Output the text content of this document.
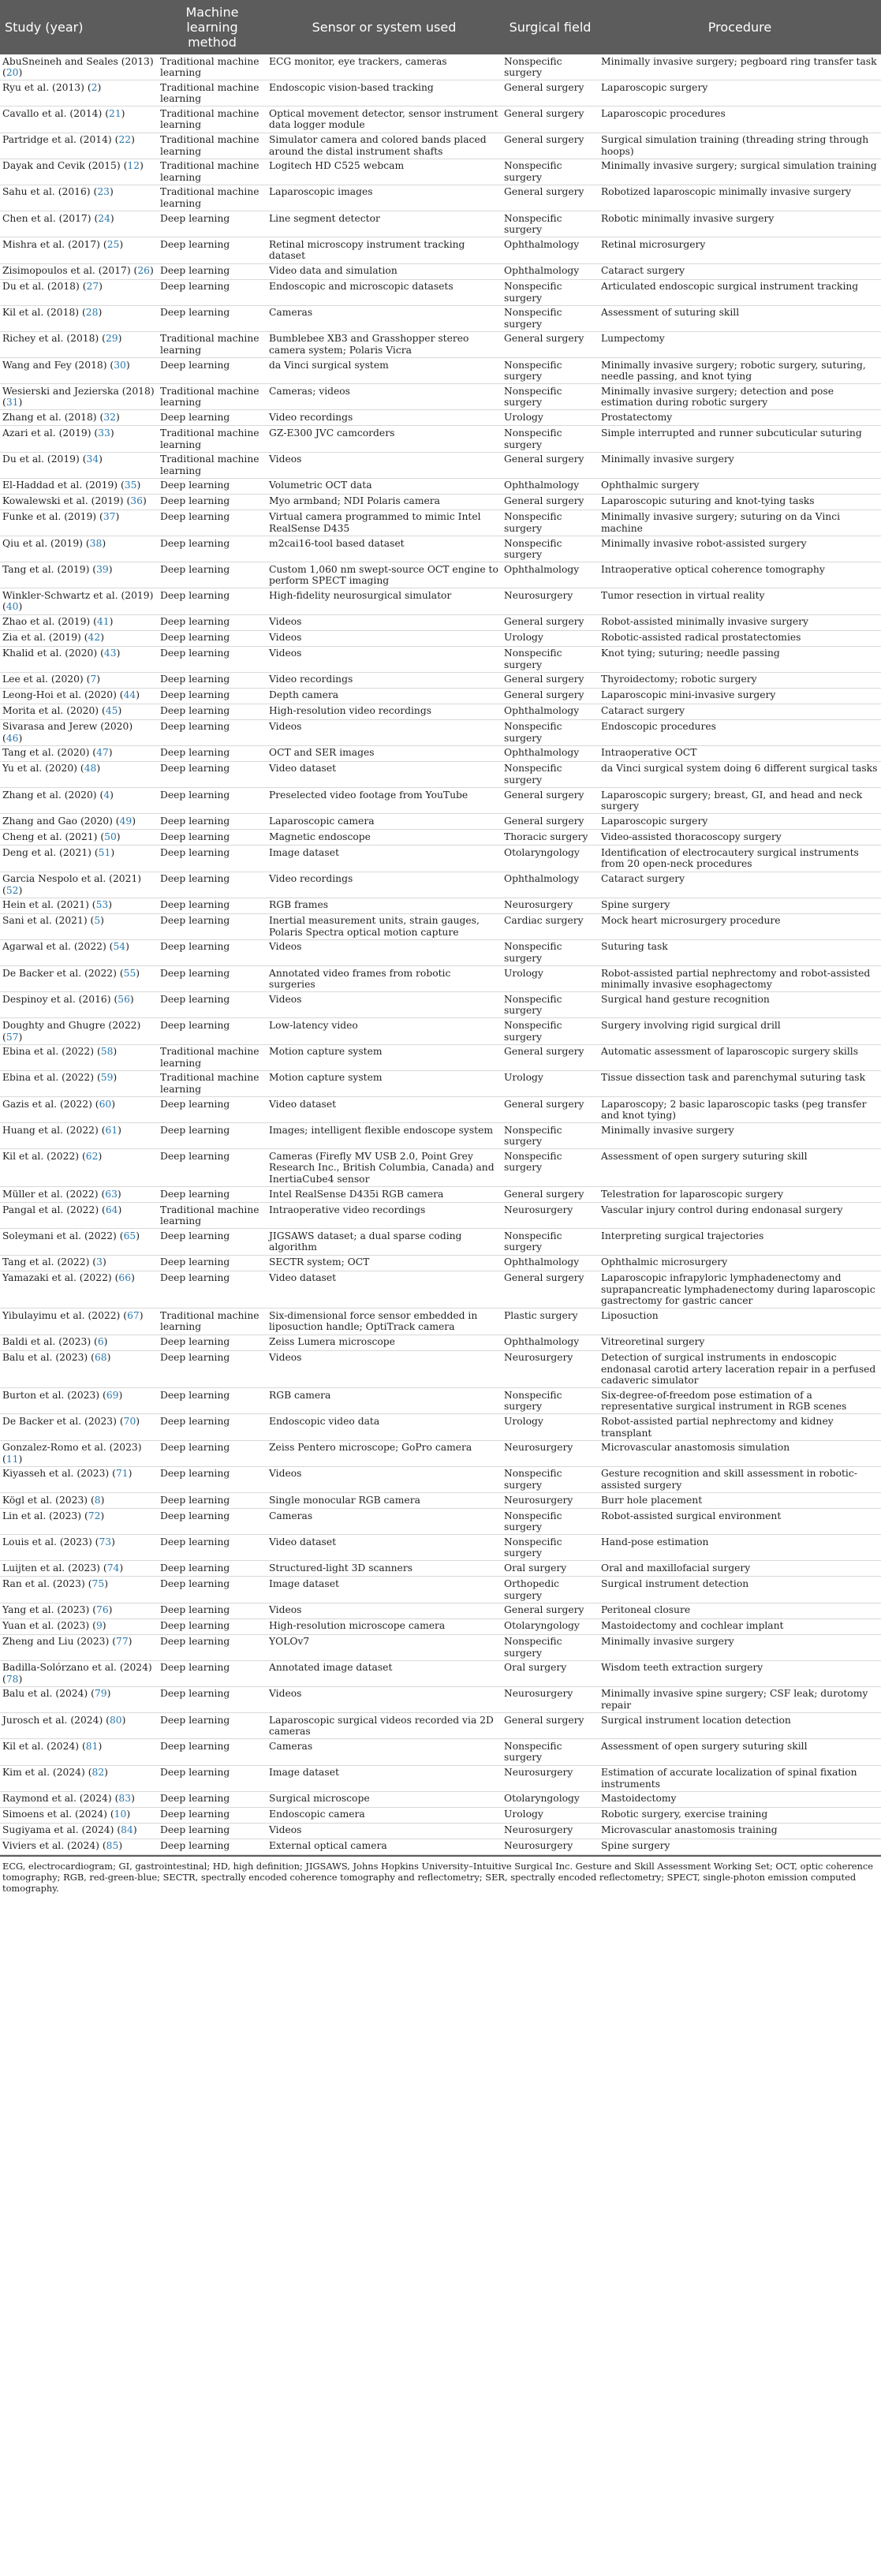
Study (year)	Machine learning method	Sensor or system used	Surgical field	Procedure
AbuSneineh and Seales (2013) (20)	Traditional machine learning	ECG monitor, eye trackers, cameras	Nonspecific surgery	Minimally invasive surgery; pegboard ring transfer task
Ryu et al. (2013) (2)	Traditional machine learning	Endoscopic vision-based tracking	General surgery	Laparoscopic surgery
Cavallo et al. (2014) (21)	Traditional machine learning	Optical movement detector, sensor instrument data logger module	General surgery	Laparoscopic procedures
Partridge et al. (2014) (22)	Traditional machine learning	Simulator camera and colored bands placed around the distal instrument shafts	General surgery	Surgical simulation training (threading string through hoops)
Dayak and Cevik (2015) (12)	Traditional machine learning	Logitech HD C525 webcam	Nonspecific surgery	Minimally invasive surgery; surgical simulation training
Sahu et al. (2016) (23)	Traditional machine learning	Laparoscopic images	General surgery	Robotized laparoscopic minimally invasive surgery
Chen et al. (2017) (24)	Deep learning	Line segment detector	Nonspecific surgery	Robotic minimally invasive surgery
Mishra et al. (2017) (25)	Deep learning	Retinal microscopy instrument tracking dataset	Ophthalmology	Retinal microsurgery
Zisimopoulos et al. (2017) (26)	Deep learning	Video data and simulation	Ophthalmology	Cataract surgery
Du et al. (2018) (27)	Deep learning	Endoscopic and microscopic datasets	Nonspecific surgery	Articulated endoscopic surgical instrument tracking
Kil et al. (2018) (28)	Deep learning	Cameras	Nonspecific surgery	Assessment of suturing skill
Richey et al. (2018) (29)	Traditional machine learning	Bumblebee XB3 and Grasshopper stereo camera system; Polaris Vicra	General surgery	Lumpectomy
Wang and Fey (2018) (30)	Deep learning	da Vinci surgical system	Nonspecific surgery	Minimally invasive surgery; robotic surgery, suturing, needle passing, and knot tying
Wesierski and Jezierska (2018) (31)	Traditional machine learning	Cameras; videos	Nonspecific surgery	Minimally invasive surgery; detection and pose estimation during robotic surgery
Zhang et al. (2018) (32)	Deep learning	Video recordings	Urology	Prostatectomy
Azari et al. (2019) (33)	Traditional machine learning	GZ-E300 JVC camcorders	Nonspecific surgery	Simple interrupted and runner subcuticular suturing
Du et al. (2019) (34)	Traditional machine learning	Videos	General surgery	Minimally invasive surgery
El-Haddad et al. (2019) (35)	Deep learning	Volumetric OCT data	Ophthalmology	Ophthalmic surgery
Kowalewski et al. (2019) (36)	Deep learning	Myo armband; NDI Polaris camera	General surgery	Laparoscopic suturing and knot-tying tasks
Funke et al. (2019) (37)	Deep learning	Virtual camera programmed to mimic Intel RealSense D435	Nonspecific surgery	Minimally invasive surgery; suturing on da Vinci machine
Qiu et al. (2019) (38)	Deep learning	m2cai16-tool based dataset	Nonspecific surgery	Minimally invasive robot-assisted surgery
Tang et al. (2019) (39)	Deep learning	Custom 1,060 nm swept-source OCT engine to perform SPECT imaging	Ophthalmology	Intraoperative optical coherence tomography
Winkler-Schwartz et al. (2019) (40)	Deep learning	High-fidelity neurosurgical simulator	Neurosurgery	Tumor resection in virtual reality
Zhao et al. (2019) (41)	Deep learning	Videos	General surgery	Robot-assisted minimally invasive surgery
Zia et al. (2019) (42)	Deep learning	Videos	Urology	Robotic-assisted radical prostatectomies
Khalid et al. (2020) (43)	Deep learning	Videos	Nonspecific surgery	Knot tying; suturing; needle passing
Lee et al. (2020) (7)	Deep learning	Video recordings	General surgery	Thyroidectomy; robotic surgery
Leong-Hoi et al. (2020) (44)	Deep learning	Depth camera	General surgery	Laparoscopic mini-invasive surgery
Morita et al. (2020) (45)	Deep learning	High-resolution video recordings	Ophthalmology	Cataract surgery
Sivarasa and Jerew (2020) (46)	Deep learning	Videos	Nonspecific surgery	Endoscopic procedures
Tang et al. (2020) (47)	Deep learning	OCT and SER images	Ophthalmology	Intraoperative OCT
Yu et al. (2020) (48)	Deep learning	Video dataset	Nonspecific surgery	da Vinci surgical system doing 6 different surgical tasks
Zhang et al. (2020) (4)	Deep learning	Preselected video footage from YouTube	General surgery	Laparoscopic surgery; breast, GI, and head and neck surgery
Zhang and Gao (2020) (49)	Deep learning	Laparoscopic camera	General surgery	Laparoscopic surgery
Cheng et al. (2021) (50)	Deep learning	Magnetic endoscope	Thoracic surgery	Video-assisted thoracoscopy surgery
Deng et al. (2021) (51)	Deep learning	Image dataset	Otolaryngology	Identification of electrocautery surgical instruments from 20 open-neck procedures
Garcia Nespolo et al. (2021) (52)	Deep learning	Video recordings	Ophthalmology	Cataract surgery
Hein et al. (2021) (53)	Deep learning	RGB frames	Neurosurgery	Spine surgery
Sani et al. (2021) (5)	Deep learning	Inertial measurement units, strain gauges, Polaris Spectra optical motion capture	Cardiac surgery	Mock heart microsurgery procedure
Agarwal et al. (2022) (54)	Deep learning	Videos	Nonspecific surgery	Suturing task
De Backer et al. (2022) (55)	Deep learning	Annotated video frames from robotic surgeries	Urology	Robot-assisted partial nephrectomy and robot-assisted minimally invasive esophagectomy
Despinoy et al. (2016) (56)	Deep learning	Videos	Nonspecific surgery	Surgical hand gesture recognition
Doughty and Ghugre (2022) (57)	Deep learning	Low-latency video	Nonspecific surgery	Surgery involving rigid surgical drill
Ebina et al. (2022) (58)	Traditional machine learning	Motion capture system	General surgery	Automatic assessment of laparoscopic surgery skills
Ebina et al. (2022) (59)	Traditional machine learning	Motion capture system	Urology	Tissue dissection task and parenchymal suturing task
Gazis et al. (2022) (60)	Deep learning	Video dataset	General surgery	Laparoscopy; 2 basic laparoscopic tasks (peg transfer and knot tying)
Huang et al. (2022) (61)	Deep learning	Images; intelligent flexible endoscope system	Nonspecific surgery	Minimally invasive surgery
Kil et al. (2022) (62)	Deep learning	Cameras (Firefly MV USB 2.0, Point Grey Research Inc., British Columbia, Canada) and InertiaCube4 sensor	Nonspecific surgery	Assessment of open surgery suturing skill
Müller et al. (2022) (63)	Deep learning	Intel RealSense D435i RGB camera	General surgery	Telestration for laparoscopic surgery
Pangal et al. (2022) (64)	Traditional machine learning	Intraoperative video recordings	Neurosurgery	Vascular injury control during endonasal surgery
Soleymani et al. (2022) (65)	Deep learning	JIGSAWS dataset; a dual sparse coding algorithm	Nonspecific surgery	Interpreting surgical trajectories
Tang et al. (2022) (3)	Deep learning	SECTR system; OCT	Ophthalmology	Ophthalmic microsurgery
Yamazaki et al. (2022) (66)	Deep learning	Video dataset	General surgery	Laparoscopic infrapyloric lymphadenectomy and suprapancreatic lymphadenectomy during laparoscopic gastrectomy for gastric cancer
Yibulayimu et al. (2022) (67)	Traditional machine learning	Six-dimensional force sensor embedded in liposuction handle; OptiTrack camera	Plastic surgery	Liposuction
Baldi et al. (2023) (6)	Deep learning	Zeiss Lumera microscope	Ophthalmology	Vitreoretinal surgery
Balu et al. (2023) (68)	Deep learning	Videos	Neurosurgery	Detection of surgical instruments in endoscopic endonasal carotid artery laceration repair in a perfused cadaveric simulator
Burton et al. (2023) (69)	Deep learning	RGB camera	Nonspecific surgery	Six-degree-of-freedom pose estimation of a representative surgical instrument in RGB scenes
De Backer et al. (2023) (70)	Deep learning	Endoscopic video data	Urology	Robot-assisted partial nephrectomy and kidney transplant
Gonzalez-Romo et al. (2023) (11)	Deep learning	Zeiss Pentero microscope; GoPro camera	Neurosurgery	Microvascular anastomosis simulation
Kiyasseh et al. (2023) (71)	Deep learning	Videos	Nonspecific surgery	Gesture recognition and skill assessment in robotic-assisted surgery
Kögl et al. (2023) (8)	Deep learning	Single monocular RGB camera	Neurosurgery	Burr hole placement
Lin et al. (2023) (72)	Deep learning	Cameras	Nonspecific surgery	Robot-assisted surgical environment
Louis et al. (2023) (73)	Deep learning	Video dataset	Nonspecific surgery	Hand-pose estimation
Luijten et al. (2023) (74)	Deep learning	Structured-light 3D scanners	Oral surgery	Oral and maxillofacial surgery
Ran et al. (2023) (75)	Deep learning	Image dataset	Orthopedic surgery	Surgical instrument detection
Yang et al. (2023) (76)	Deep learning	Videos	General surgery	Peritoneal closure
Yuan et al. (2023) (9)	Deep learning	High-resolution microscope camera	Otolaryngology	Mastoidectomy and cochlear implant
Zheng and Liu (2023) (77)	Deep learning	YOLOv7	Nonspecific surgery	Minimally invasive surgery
Badilla-Solórzano et al. (2024) (78)	Deep learning	Annotated image dataset	Oral surgery	Wisdom teeth extraction surgery
Balu et al. (2024) (79)	Deep learning	Videos	Neurosurgery	Minimally invasive spine surgery; CSF leak; durotomy repair
Jurosch et al. (2024) (80)	Deep learning	Laparoscopic surgical videos recorded via 2D cameras	General surgery	Surgical instrument location detection
Kil et al. (2024) (81)	Deep learning	Cameras	Nonspecific surgery	Assessment of open surgery suturing skill
Kim et al. (2024) (82)	Deep learning	Image dataset	Neurosurgery	Estimation of accurate localization of spinal fixation instruments
Raymond et al. (2024) (83)	Deep learning	Surgical microscope	Otolaryngology	Mastoidectomy
Simoens et al. (2024) (10)	Deep learning	Endoscopic camera	Urology	Robotic surgery, exercise training
Sugiyama et al. (2024) (84)	Deep learning	Videos	Neurosurgery	Microvascular anastomosis training
Viviers et al. (2024) (85)	Deep learning	External optical camera	Neurosurgery	Spine surgery
ECG, electrocardiogram; GI, gastrointestinal; HD, high definition; JIGSAWS, Johns Hopkins University–Intuitive Surgical Inc. Gesture and Skill Assessment Working Set; OCT, optic coherence tomography; RGB, red-green-blue; SECTR, spectrally encoded coherence tomography and reflectometry; SER, spectrally encoded reflectometry; SPECT, single-photon emission computed tomography.
